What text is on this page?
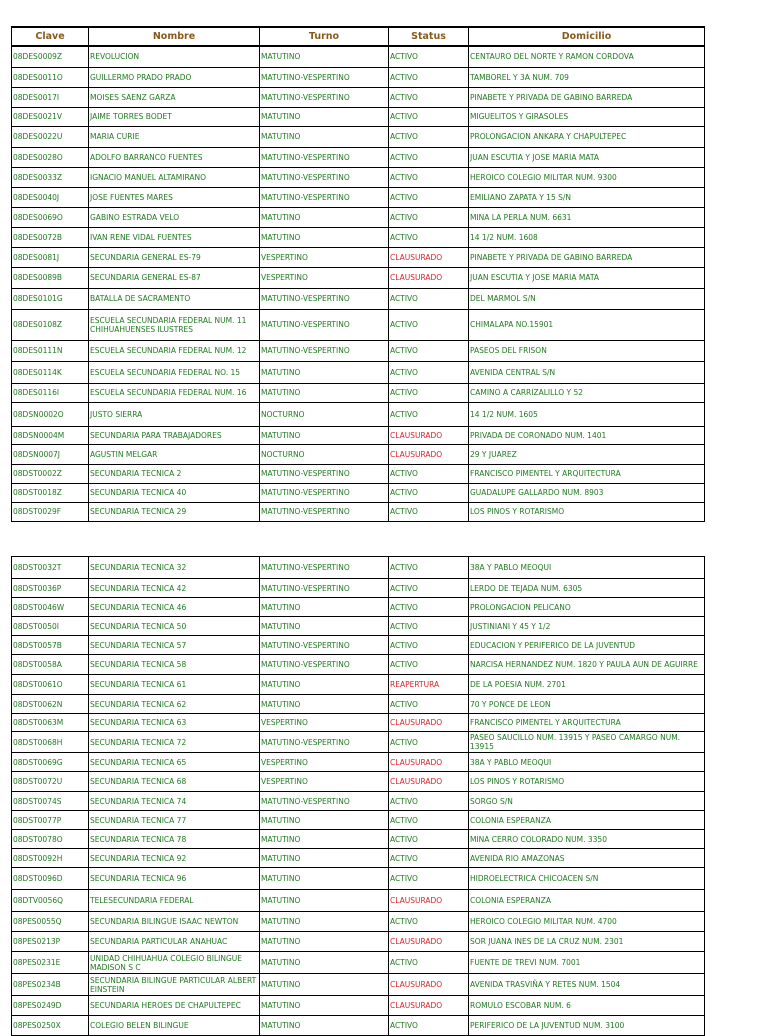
Clave	Nombre	Turno	Status	Domicilio
08DES0009Z	REVOLUCION	MATUTINO	ACTIVO	CENTAURO DEL NORTE Y RAMON CORDOVA
08DES0011O	GUILLERMO PRADO PRADO	MATUTINO-VESPERTINO	ACTIVO	TAMBOREL Y 3A NUM. 709
08DES0017I	MOISES SAENZ GARZA	MATUTINO-VESPERTINO	ACTIVO	PINABETE Y PRIVADA DE GABINO BARREDA
08DES0021V	JAIME TORRES BODET	MATUTINO	ACTIVO	MIGUELITOS Y GIRASOLES
08DES0022U	MARIA CURIE	MATUTINO	ACTIVO	PROLONGACION ANKARA Y CHAPULTEPEC
08DES0028O	ADOLFO BARRANCO FUENTES	MATUTINO-VESPERTINO	ACTIVO	JUAN ESCUTIA Y JOSE MARIA MATA
08DES0033Z	IGNACIO MANUEL ALTAMIRANO	MATUTINO-VESPERTINO	ACTIVO	HEROICO COLEGIO MILITAR NUM. 9300
08DES0040J	JOSE FUENTES MARES	MATUTINO-VESPERTINO	ACTIVO	EMILIANO ZAPATA Y 15 S/N
08DES0069O	GABINO ESTRADA VELO	MATUTINO	ACTIVO	MINA LA PERLA NUM. 6631
08DES0072B	IVAN RENE VIDAL FUENTES	MATUTINO	ACTIVO	14 1/2 NUM. 1608
08DES0081J	SECUNDARIA GENERAL ES-79	VESPERTINO	CLAUSURADO	PINABETE Y PRIVADA DE GABINO BARREDA
08DES0089B	SECUNDARIA GENERAL ES-87	VESPERTINO	CLAUSURADO	JUAN ESCUTIA Y JOSE MARIA MATA
08DES0101G	BATALLA DE SACRAMENTO	MATUTINO-VESPERTINO	ACTIVO	DEL MARMOL S/N
08DES0108Z	ESCUELA SECUNDARIA FEDERAL NUM. 11 CHIHUAHUENSES ILUSTRES	MATUTINO-VESPERTINO	ACTIVO	CHIMALAPA NO.15901
08DES0111N	ESCUELA SECUNDARIA FEDERAL NUM. 12	MATUTINO-VESPERTINO	ACTIVO	PASEOS DEL FRISON
08DES0114K	ESCUELA SECUNDARIA FEDERAL NO. 15	MATUTINO	ACTIVO	AVENIDA CENTRAL S/N
08DES0116I	ESCUELA SECUNDARIA FEDERAL NUM. 16	MATUTINO	ACTIVO	CAMINO A CARRIZALILLO Y 52
08DSN0002O	JUSTO SIERRA	NOCTURNO	ACTIVO	14 1/2 NUM. 1605
08DSN0004M	SECUNDARIA PARA TRABAJADORES	MATUTINO	CLAUSURADO	PRIVADA DE CORONADO NUM. 1401
08DSN0007J	AGUSTIN MELGAR	NOCTURNO	CLAUSURADO	29 Y JUAREZ
08DST0002Z	SECUNDARIA TECNICA 2	MATUTINO-VESPERTINO	ACTIVO	FRANCISCO PIMENTEL Y ARQUITECTURA
08DST0018Z	SECUNDARIA TECNICA 40	MATUTINO-VESPERTINO	ACTIVO	GUADALUPE GALLARDO NUM. 8903
08DST0029F	SECUNDARIA TECNICA 29	MATUTINO-VESPERTINO	ACTIVO	LOS PINOS Y ROTARISMO
08DST0032T	SECUNDARIA TECNICA 32	MATUTINO-VESPERTINO	ACTIVO	38A Y PABLO MEOQUI
08DST0036P	SECUNDARIA TECNICA 42	MATUTINO-VESPERTINO	ACTIVO	LERDO DE TEJADA NUM. 6305
08DST0046W	SECUNDARIA TECNICA 46	MATUTINO	ACTIVO	PROLONGACION PELICANO
08DST0050I	SECUNDARIA TECNICA 50	MATUTINO	ACTIVO	JUSTINIANI Y 45 Y 1/2
08DST0057B	SECUNDARIA TECNICA 57	MATUTINO-VESPERTINO	ACTIVO	EDUCACION Y PERIFERICO DE LA JUVENTUD
08DST0058A	SECUNDARIA TECNICA 58	MATUTINO-VESPERTINO	ACTIVO	NARCISA HERNANDEZ NUM. 1820 Y PAULA AUN DE AGUIRRE
08DST0061O	SECUNDARIA TECNICA 61	MATUTINO	REAPERTURA	DE LA POESIA NUM. 2701
08DST0062N	SECUNDARIA TECNICA 62	MATUTINO	ACTIVO	70 Y PONCE DE LEON
08DST0063M	SECUNDARIA TECNICA 63	VESPERTINO	CLAUSURADO	FRANCISCO PIMENTEL Y ARQUITECTURA
08DST0068H	SECUNDARIA TECNICA 72	MATUTINO-VESPERTINO	ACTIVO	PASEO SAUCILLO NUM. 13915 Y PASEO CAMARGO NUM. 13915
08DST0069G	SECUNDARIA TECNICA 65	VESPERTINO	CLAUSURADO	38A Y PABLO MEOQUI
08DST0072U	SECUNDARIA TECNICA 68	VESPERTINO	CLAUSURADO	LOS PINOS Y ROTARISMO
08DST0074S	SECUNDARIA TECNICA 74	MATUTINO-VESPERTINO	ACTIVO	SORGO S/N
08DST0077P	SECUNDARIA TECNICA 77	MATUTINO	ACTIVO	COLONIA ESPERANZA
08DST0078O	SECUNDARIA TECNICA 78	MATUTINO	ACTIVO	MINA CERRO COLORADO NUM. 3350
08DST0092H	SECUNDARIA TECNICA 92	MATUTINO	ACTIVO	AVENIDA RIO AMAZONAS
08DST0096D	SECUNDARIA TECNICA 96	MATUTINO	ACTIVO	HIDROELECTRICA CHICOACEN S/N
08DTV0056Q	TELESECUNDARIA FEDERAL	MATUTINO	CLAUSURADO	COLONIA ESPERANZA
08PES0055Q	SECUNDARIA BILINGUE ISAAC NEWTON	MATUTINO	ACTIVO	HEROICO COLEGIO MILITAR NUM. 4700
08PES0213P	SECUNDARIA PARTICULAR ANAHUAC	MATUTINO	CLAUSURADO	SOR JUANA INES DE LA CRUZ NUM. 2301
08PES0231E	UNIDAD CHIHUAHUA COLEGIO BILINGUE MADISON S C	MATUTINO	ACTIVO	FUENTE DE TREVI NUM. 7001
08PES0234B	SECUNDARIA BILINGUE PARTICULAR ALBERT EINSTEIN	MATUTINO	CLAUSURADO	AVENIDA TRASVIÑA Y RETES NUM. 1504
08PES0249D	SECUNDARIA HEROES DE CHAPULTEPEC	MATUTINO	CLAUSURADO	ROMULO ESCOBAR NUM. 6
08PES0250X	COLEGIO BELEN BILINGUE	MATUTINO	ACTIVO	PERIFERICO DE LA JUVENTUD NUM. 3100
